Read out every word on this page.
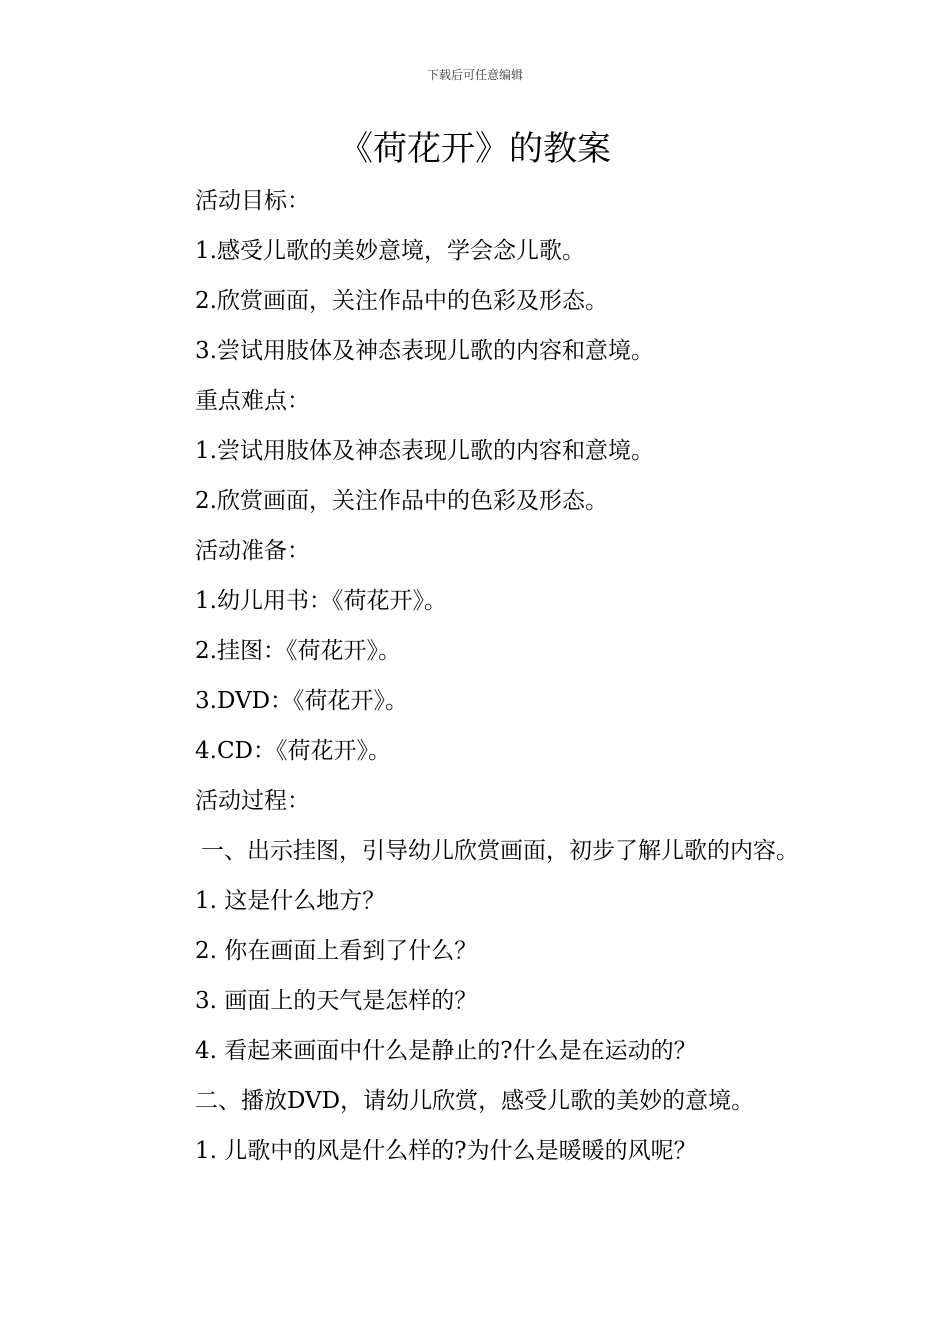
下载后可任意编辑
《荷花开》的教案
活动目标：
1.感受儿歌的美妙意境，学会念儿歌。
2.欣赏画面，关注作品中的色彩及形态。
3.尝试用肢体及神态表现儿歌的内容和意境。
重点难点：
1.尝试用肢体及神态表现儿歌的内容和意境。
2.欣赏画面，关注作品中的色彩及形态。
活动准备：
1.幼儿用书：《荷花开》。
2.挂图：《荷花开》。
3.DVD：《荷花开》。
4.CD：《荷花开》。
活动过程：
一、出示挂图，引导幼儿欣赏画面，初步了解儿歌的内容。
1. 这是什么地方？
2. 你在画面上看到了什么？
3. 画面上的天气是怎样的？
4. 看起来画面中什么是静止的?什么是在运动的？
二、播放DVD，请幼儿欣赏，感受儿歌的美妙的意境。
1. 儿歌中的风是什么样的?为什么是暖暖的风呢？
